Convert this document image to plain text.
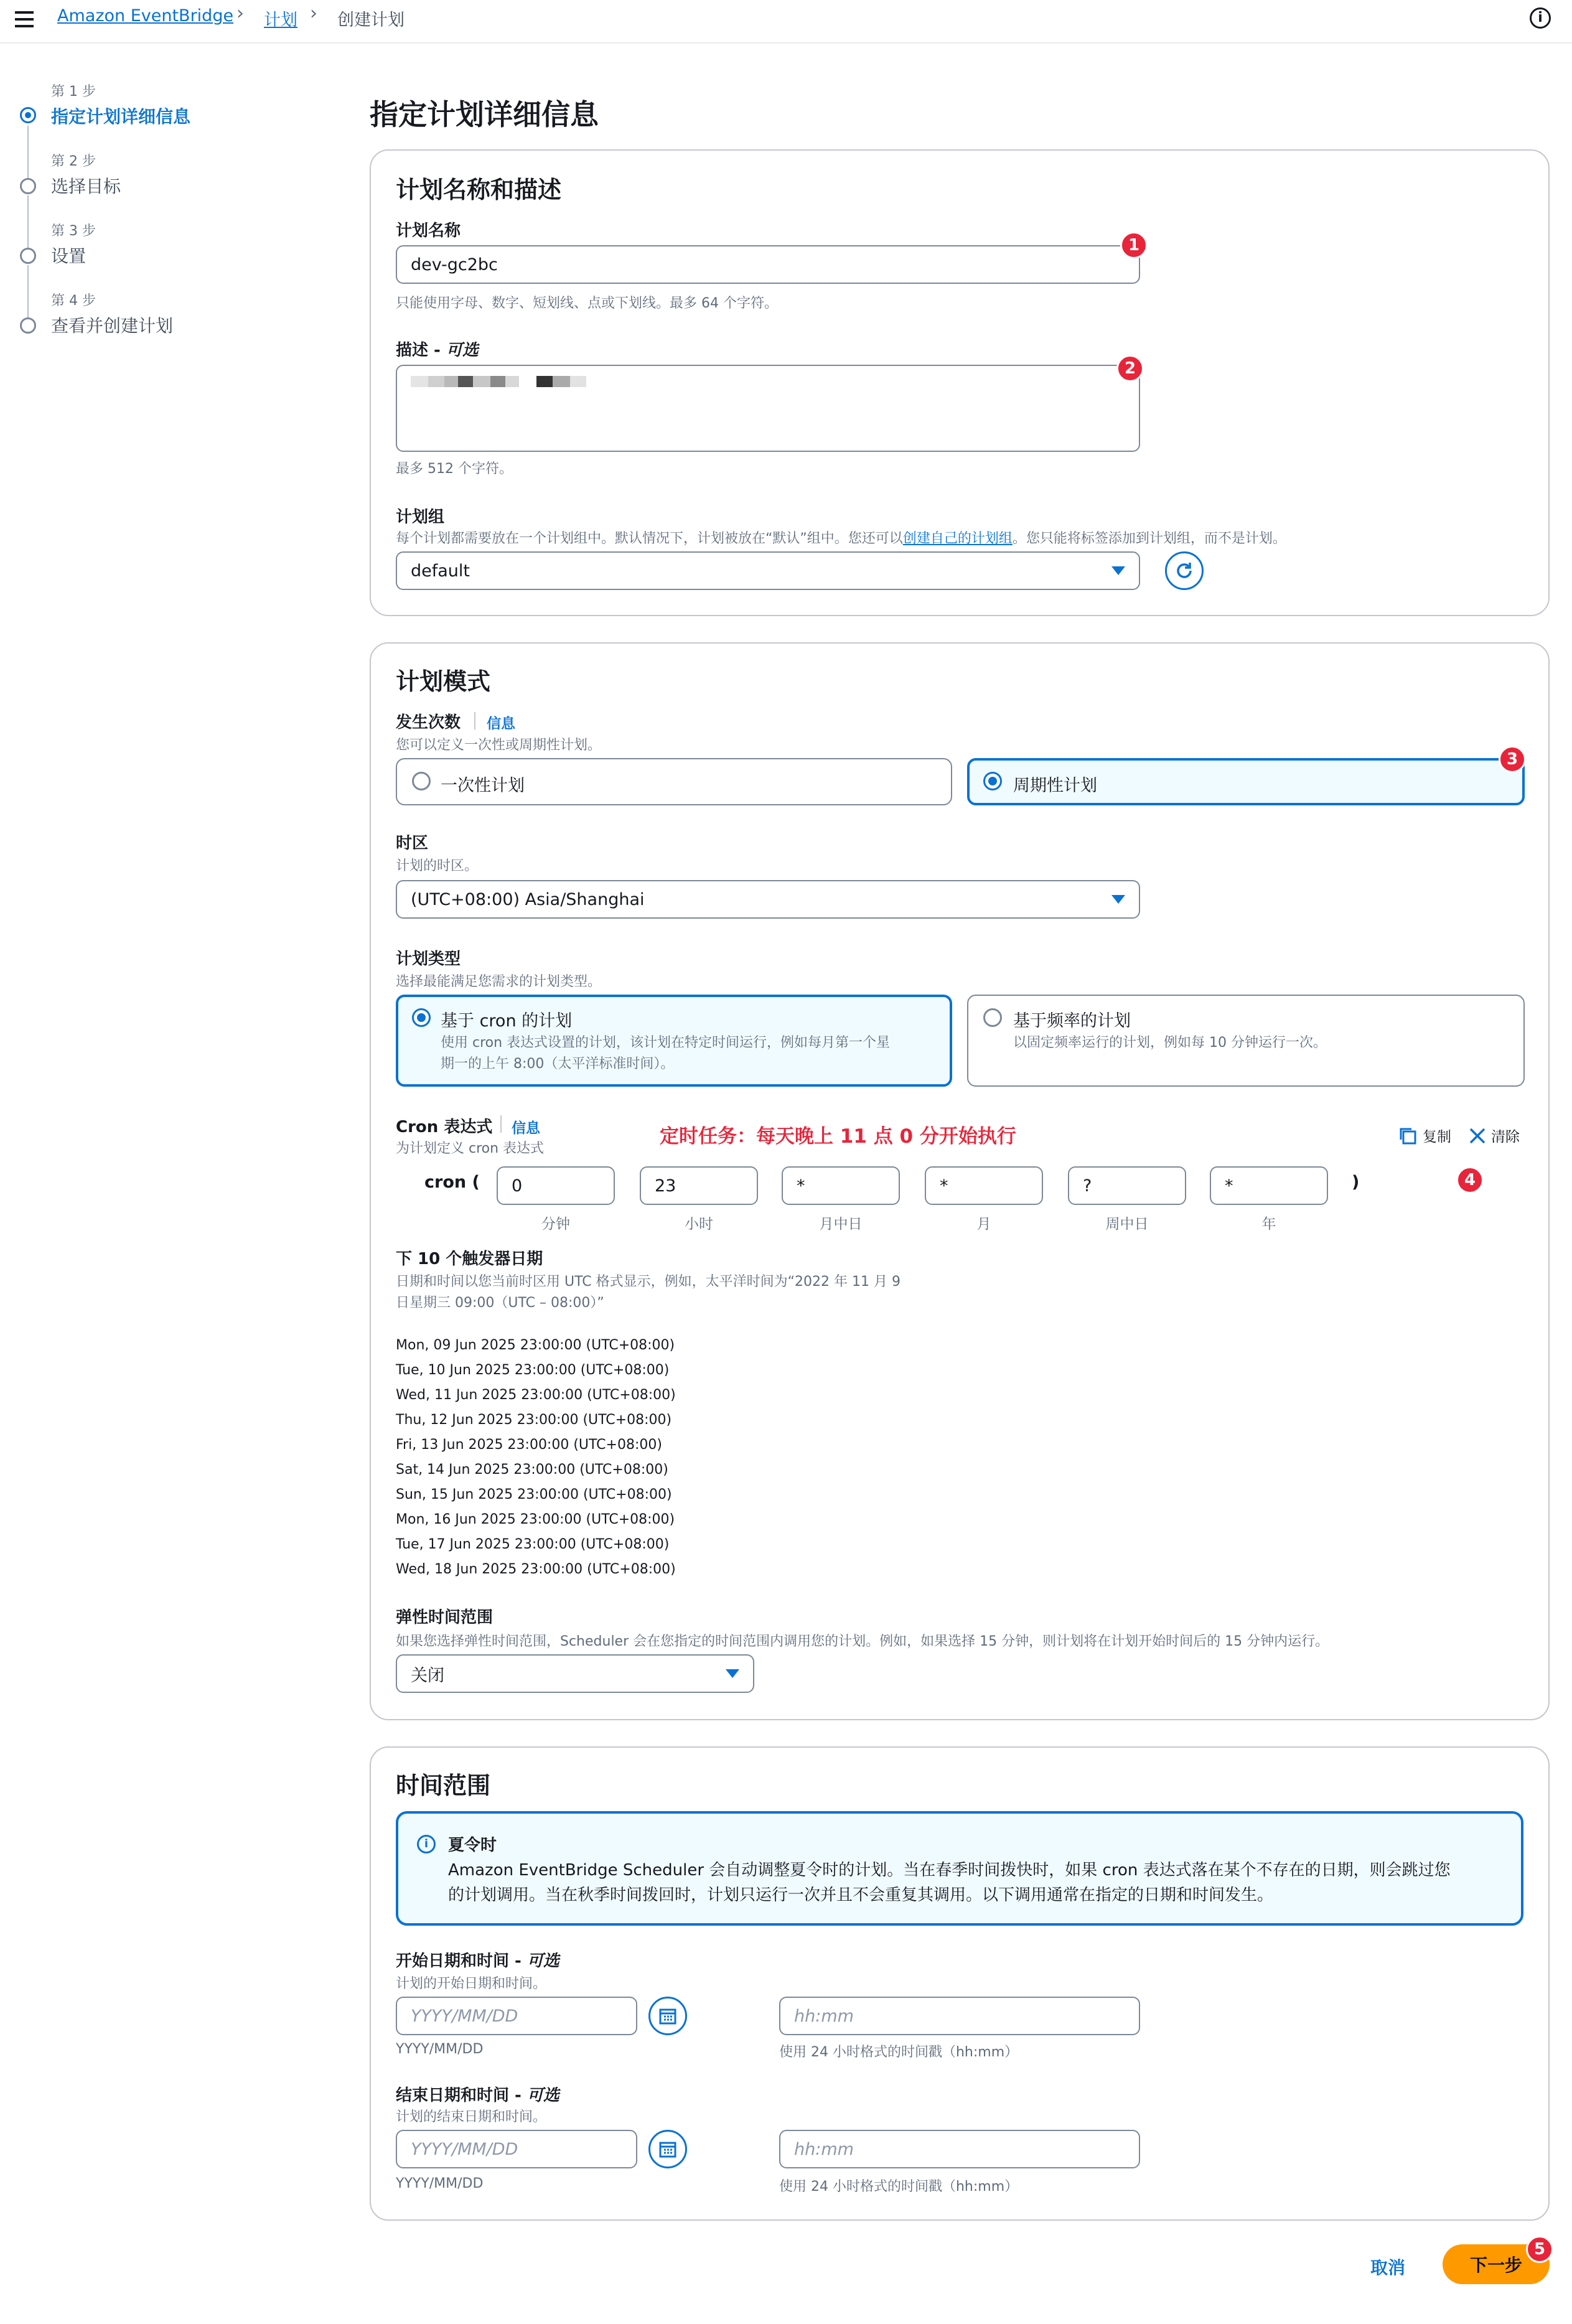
Amazon EventBridge › 计划 › 创建计划	i
第 1 步
指定计划详细信息
第 2 步
选择目标
第 3 步
设置
第 4 步
查看并创建计划
指定计划详细信息
计划名称和描述
计划名称
dev-gc2bc
只能使用字母、数字、短划线、点或下划线。最多 64 个字符。
描述 - 可选
最多 512 个字符。
计划组
每个计划都需要放在一个计划组中。默认情况下，计划被放在“默认”组中。您还可以创建自己的计划组。您只能将标签添加到计划组，而不是计划。
default
计划模式
发生次数 信息
您可以定义一次性或周期性计划。
一次性计划	周期性计划
时区
计划的时区。
(UTC+08:00) Asia/Shanghai
计划类型
选择最能满足您需求的计划类型。
基于 cron 的计划
使用 cron 表达式设置的计划，该计划在特定时间运行，例如每月第一个星
期一的上午 8:00（太平洋标准时间）。
基于频率的计划
以固定频率运行的计划，例如每 10 分钟运行一次。
Cron 表达式 信息
为计划定义 cron 表达式
定时任务：每天晚上 11 点 0 分开始执行	复制	清除
cron ( 0
分钟
23
小时
*
月中日
*
月
?
周中日
*
年
)
下 10 个触发器日期
日期和时间以您当前时区用 UTC 格式显示，例如，太平洋时间为“2022 年 11 月 9
日星期三 09:00（UTC – 08:00）”
Mon, 09 Jun 2025 23:00:00 (UTC+08:00)
Tue, 10 Jun 2025 23:00:00 (UTC+08:00)
Wed, 11 Jun 2025 23:00:00 (UTC+08:00)
Thu, 12 Jun 2025 23:00:00 (UTC+08:00)
Fri, 13 Jun 2025 23:00:00 (UTC+08:00)
Sat, 14 Jun 2025 23:00:00 (UTC+08:00)
Sun, 15 Jun 2025 23:00:00 (UTC+08:00)
Mon, 16 Jun 2025 23:00:00 (UTC+08:00)
Tue, 17 Jun 2025 23:00:00 (UTC+08:00)
Wed, 18 Jun 2025 23:00:00 (UTC+08:00)
弹性时间范围
如果您选择弹性时间范围，Scheduler 会在您指定的时间范围内调用您的计划。例如，如果选择 15 分钟，则计划将在计划开始时间后的 15 分钟内运行。
关闭
时间范围
i	夏令时
Amazon EventBridge Scheduler 会自动调整夏令时的计划。当在春季时间拨快时，如果 cron 表达式落在某个不存在的日期，则会跳过您
的计划调用。当在秋季时间拨回时，计划只运行一次并且不会重复其调用。以下调用通常在指定的日期和时间发生。
开始日期和时间 - 可选
计划的开始日期和时间。
YYYY/MM/DD	hh:mm
YYYY/MM/DD	使用 24 小时格式的时间戳（hh:mm）
结束日期和时间 - 可选
计划的结束日期和时间。
YYYY/MM/DD	hh:mm
YYYY/MM/DD	使用 24 小时格式的时间戳（hh:mm）
取消	下一步
1
2
3
4
5
